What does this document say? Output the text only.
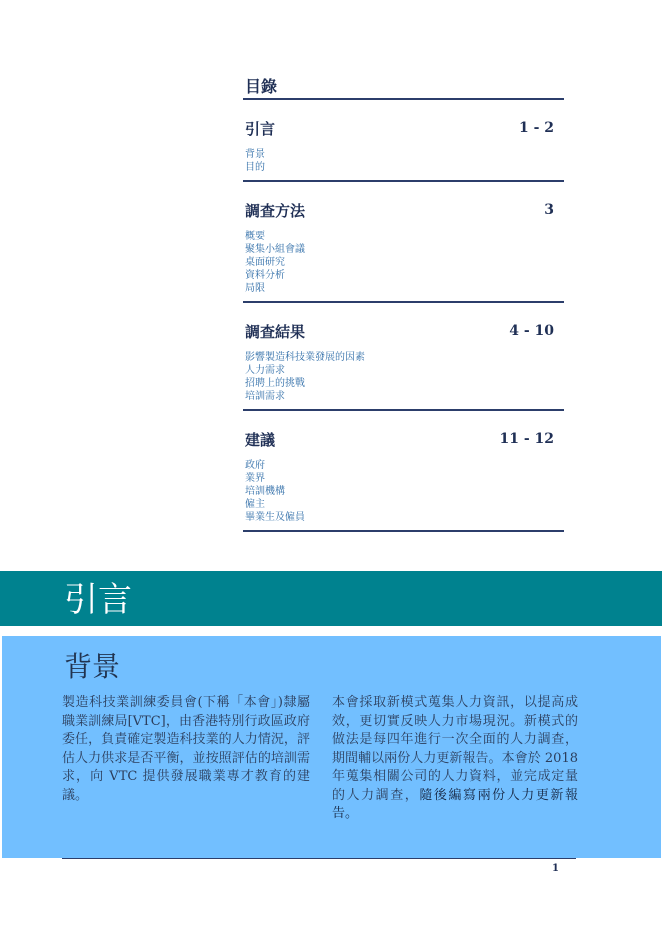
目錄
引言	1 - 2
背景
目的
調查方法	3
概要
聚集小組會議
桌面研究
資料分析
局限
調查結果	4 - 10
影響製造科技業發展的因素
人力需求
招聘上的挑戰
培訓需求
建議	11 - 12
政府
業界
培訓機構
僱主
畢業生及僱員
引言
背景
製造科技業訓練委員會(下稱「本會」)隸屬職業訓練局[VTC]，由香港特別行政區政府委任，負責確定製造科技業的人力情況，評估人力供求是否平衡，並按照評估的培訓需求，向 VTC 提供發展職業專才教育的建議。
本會採取新模式蒐集人力資訊，以提高成效，更切實反映人力市場現況。新模式的做法是每四年進行一次全面的人力調查，期間輔以兩份人力更新報告。本會於 2018 年蒐集相關公司的人力資料，並完成定量的人力調查，隨後編寫兩份人力更新報告。
1
